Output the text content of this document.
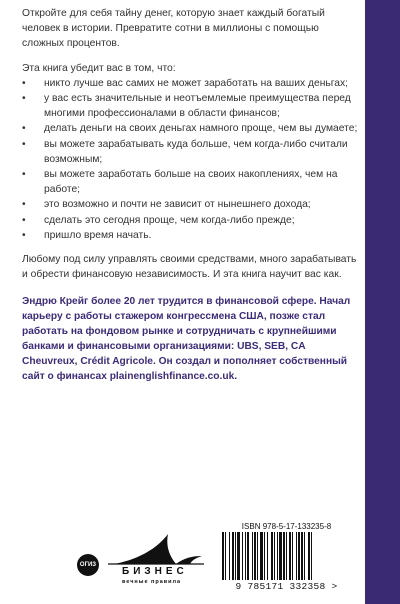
Откройте для себя тайну денег, которую знает каждый богатый человек в истории. Превратите сотни в миллионы с помощью сложных процентов.

Эта книга убедит вас в том, что:

• никто лучше вас самих не может заработать на ваших деньгах;
• у вас есть значительные и неотъемлемые преимущества перед многими профессионалами в области финансов;
• делать деньги на своих деньгах намного проще, чем вы думаете;
• вы можете зарабатывать куда больше, чем когда-либо считали возможным;
• вы можете заработать больше на своих накоплениях, чем на работе;
• это возможно и почти не зависит от нынешнего дохода;
• сделать это сегодня проще, чем когда-либо прежде;
• пришло время начать.

Любому под силу управлять своими средствами, много зарабатывать и обрести финансовую независимость. И эта книга научит вас как.

Эндрю Крейг более 20 лет трудится в финансовой сфере. Начал карьеру с работы стажером конгрессмена США, позже стал работать на фондовом рынке и сотрудничать с крупнейшими банками и финансовыми организациями: UBS, SEB, CA Cheuvreux, Crédit Agricole. Он создал и пополняет собственный сайт о финансах plainenglishfinance.co.uk.

ОГИЗ
БИЗНЕС
вечные правила
ISBN 978-5-17-133235-8
9 785171 332358 >
